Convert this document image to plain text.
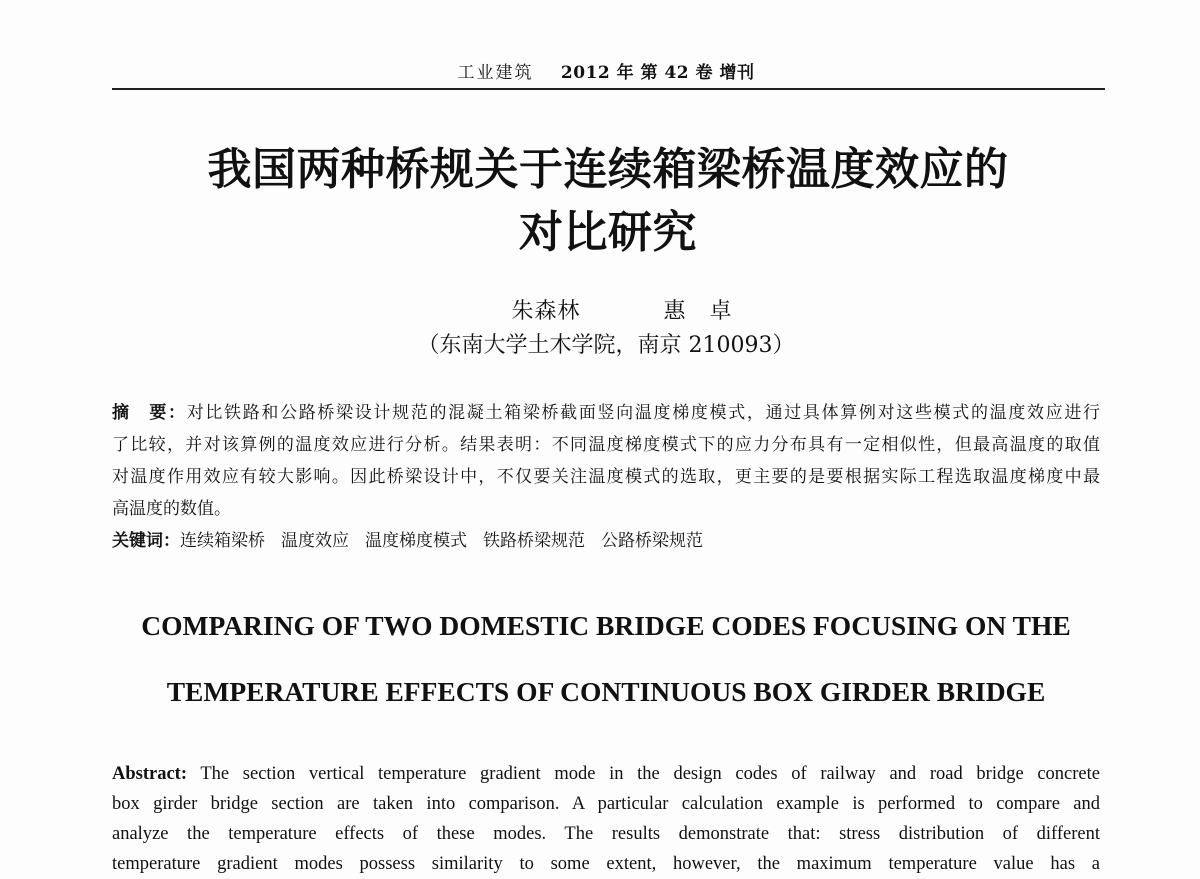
工业建筑 2012 年 第 42 卷 增刊
我国两种桥规关于连续箱梁桥温度效应的
对比研究
朱森林	惠　卓
（东南大学土木学院，南京 210093）
摘　要：对比铁路和公路桥梁设计规范的混凝土箱梁桥截面竖向温度梯度模式，通过具体算例对这些模式的温度效应进行
了比较，并对该算例的温度效应进行分析。结果表明：不同温度梯度模式下的应力分布具有一定相似性，但最高温度的取值
对温度作用效应有较大影响。因此桥梁设计中，不仅要关注温度模式的选取，更主要的是要根据实际工程选取温度梯度中最
高温度的数值。
关键词：连续箱梁桥 温度效应 温度梯度模式 铁路桥梁规范 公路桥梁规范
COMPARING OF TWO DOMESTIC BRIDGE CODES FOCUSING ON THE
TEMPERATURE EFFECTS OF CONTINUOUS BOX GIRDER BRIDGE
Abstract: The section vertical temperature gradient mode in the design codes of railway and road bridge concrete
box girder bridge section are taken into comparison. A particular calculation example is performed to compare and
analyze the temperature effects of these modes. The results demonstrate that: stress distribution of different
temperature gradient modes possess similarity to some extent, however, the maximum temperature value has a
